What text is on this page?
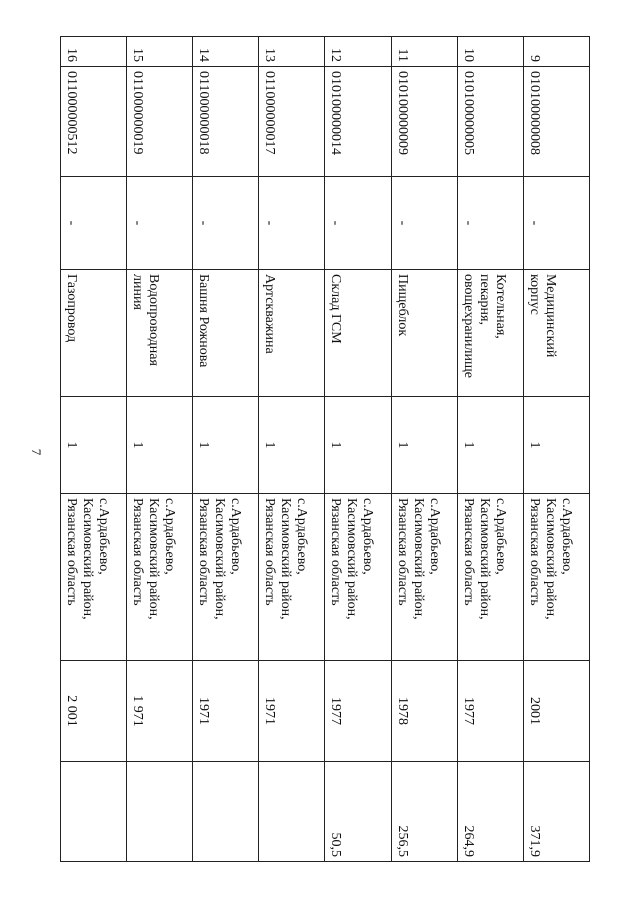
7
9	010100000008	-	Медицинский корпус	1	с.Ардабьево, Касимовский район, Рязанская область	2001	371,9
10	010100000005	-	Котельная, пекарня, овощехранилище	1	с.Ардабьево, Касимовский район, Рязанская область	1977	264,9
11	010100000009	-	Пищеблок	1	с.Ардабьево, Касимовский район, Рязанская область	1978	256,5
12	010100000014	-	Склад ГСМ	1	с.Ардабьево, Касимовский район, Рязанская область	1977	50,5
13	011000000017	-	Артскважина	1	с.Ардабьево, Касимовский район, Рязанская область	1971	
14	011000000018	-	Башня Рожнова	1	с.Ардабьево, Касимовский район, Рязанская область	1971	
15	011000000019	-	Водопроводная линия	1	с.Ардабьево, Касимовский район, Рязанская область	1 971	
16	011000000512	-	Газопровод	1	с.Ардабьево, Касимовский район, Рязанская область	2 001	
